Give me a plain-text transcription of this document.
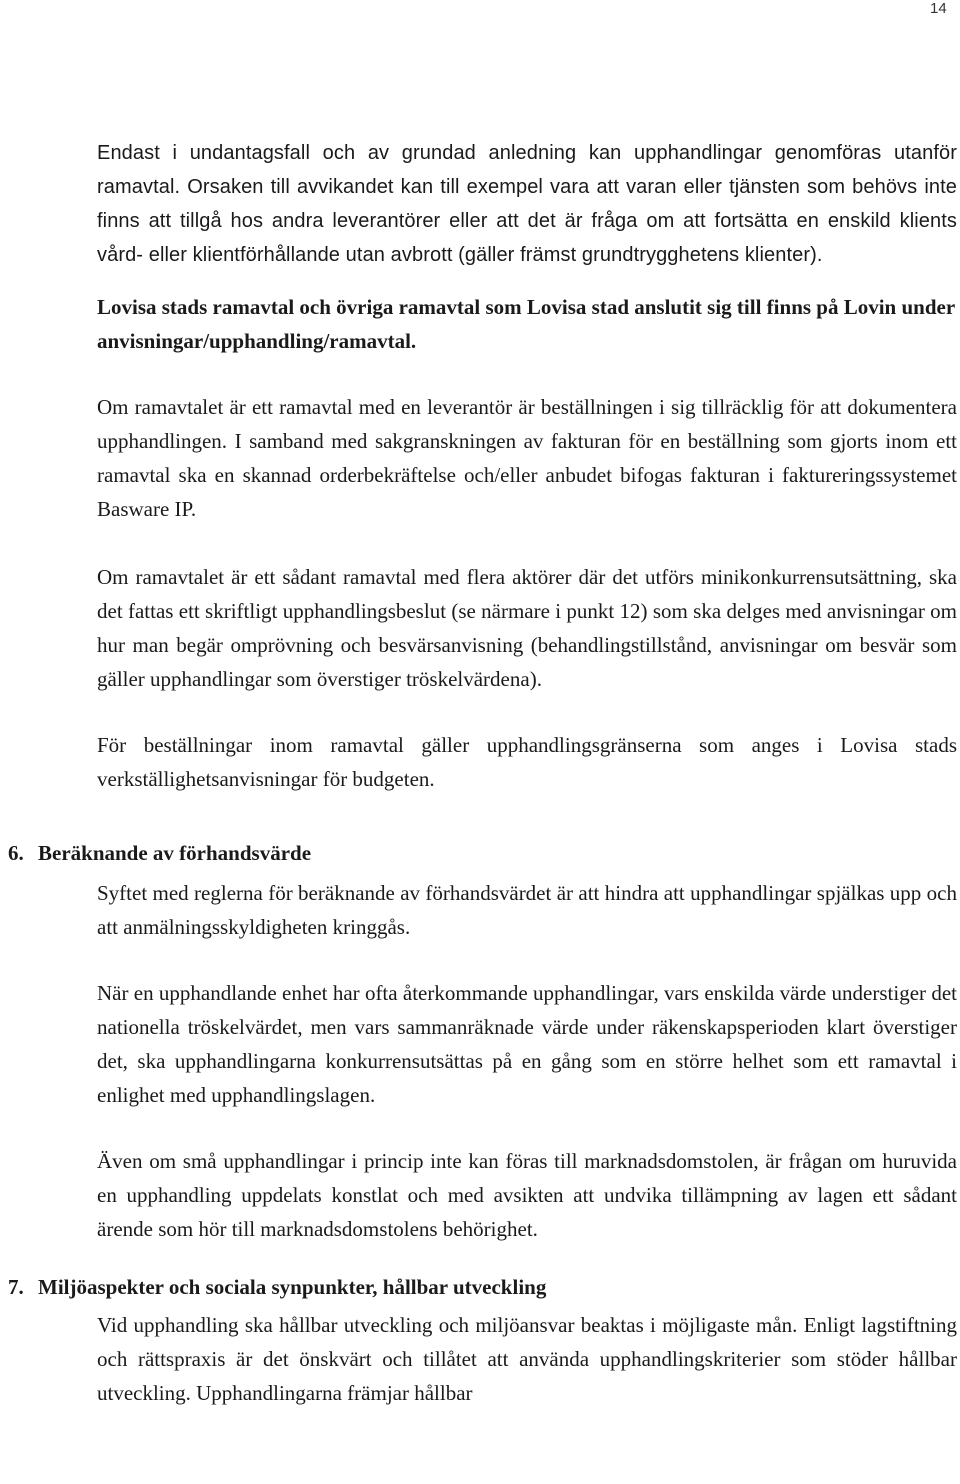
14

Endast i undantagsfall och av grundad anledning kan upphandlingar genomföras utanför ramavtal. Orsaken till avvikandet kan till exempel vara att varan eller tjänsten som behövs inte finns att tillgå hos andra leverantörer eller att det är fråga om att fortsätta en enskild klients vård- eller klientförhållande utan avbrott (gäller främst grundtrygghetens klienter).

Lovisa stads ramavtal och övriga ramavtal som Lovisa stad anslutit sig till finns på Lovin under anvisningar/upphandling/ramavtal.

Om ramavtalet är ett ramavtal med en leverantör är beställningen i sig tillräcklig för att dokumentera upphandlingen. I samband med sakgranskningen av fakturan för en beställning som gjorts inom ett ramavtal ska en skannad orderbekräftelse och/eller anbudet bifogas fakturan i faktureringssystemet Basware IP.

Om ramavtalet är ett sådant ramavtal med flera aktörer där det utförs minikonkurrensutsättning, ska det fattas ett skriftligt upphandlingsbeslut (se närmare i punkt 12) som ska delges med anvisningar om hur man begär omprövning och besvärsanvisning (behandlingstillstånd, anvisningar om besvär som gäller upphandlingar som överstiger tröskelvärdena).

För beställningar inom ramavtal gäller upphandlingsgränserna som anges i Lovisa stads verkställighetsanvisningar för budgeten.

6. Beräknande av förhandsvärde

Syftet med reglerna för beräknande av förhandsvärdet är att hindra att upphandlingar spjälkas upp och att anmälningsskyldigheten kringgås.

När en upphandlande enhet har ofta återkommande upphandlingar, vars enskilda värde understiger det nationella tröskelvärdet, men vars sammanräknade värde under räkenskapsperioden klart överstiger det, ska upphandlingarna konkurrensutsättas på en gång som en större helhet som ett ramavtal i enlighet med upphandlingslagen.

Även om små upphandlingar i princip inte kan föras till marknadsdomstolen, är frågan om huruvida en upphandling uppdelats konstlat och med avsikten att undvika tillämpning av lagen ett sådant ärende som hör till marknadsdomstolens behörighet.

7. Miljöaspekter och sociala synpunkter, hållbar utveckling

Vid upphandling ska hållbar utveckling och miljöansvar beaktas i möjligaste mån. Enligt lagstiftning och rättspraxis är det önskvärt och tillåtet att använda upphandlingskriterier som stöder hållbar utveckling. Upphandlingarna främjar hållbar
